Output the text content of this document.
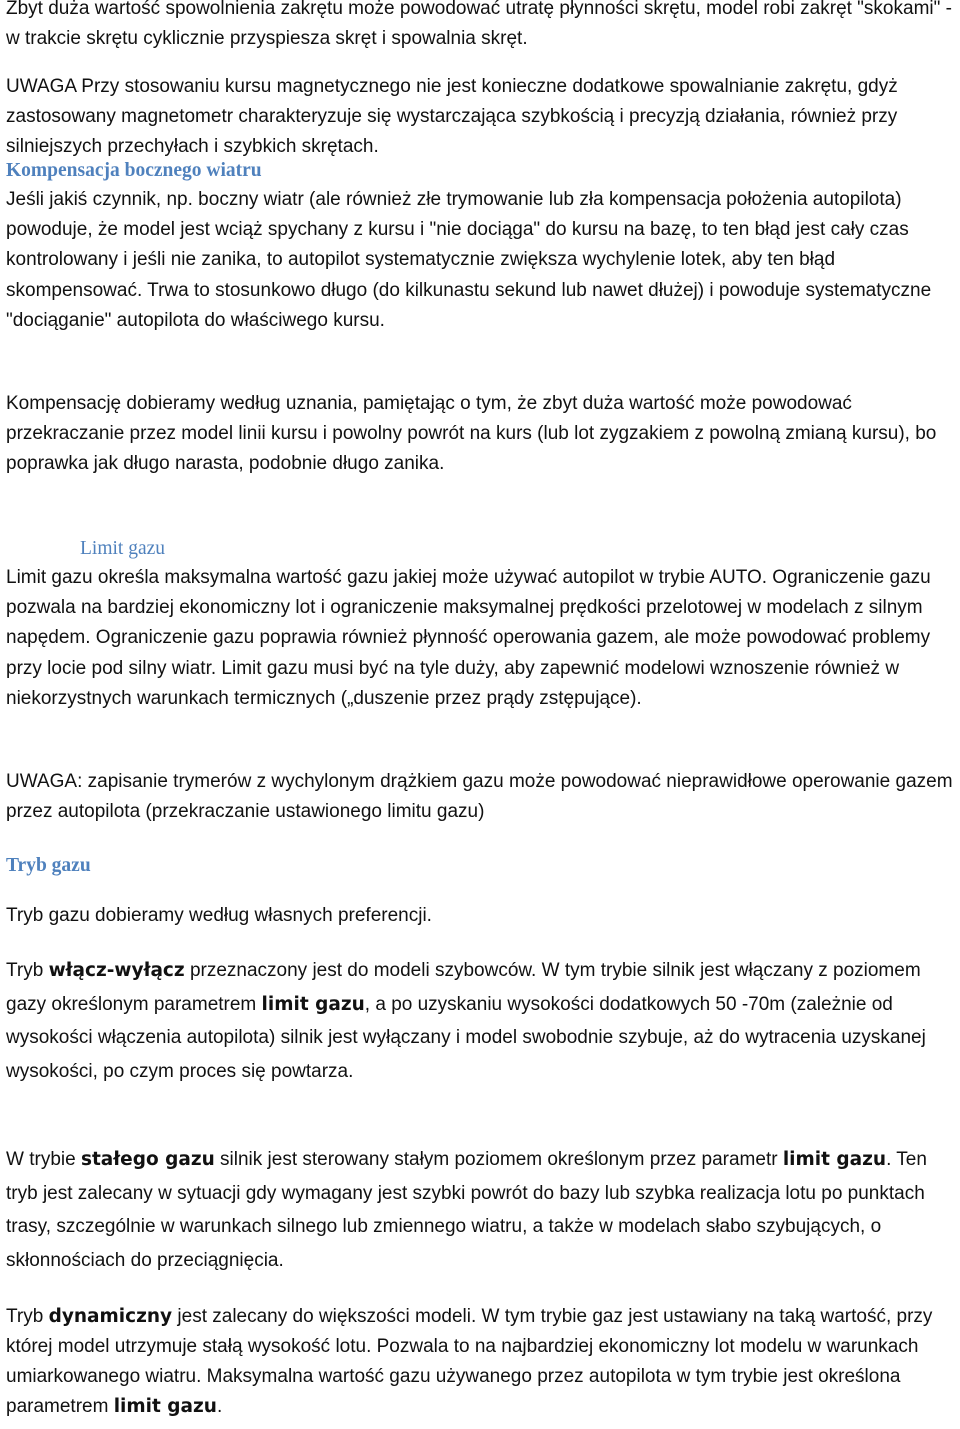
Zbyt duża wartość spowolnienia zakrętu może powodować utratę płynności skrętu, model robi zakręt "skokami" - w trakcie skrętu cyklicznie przyspiesza skręt i spowalnia skręt.

UWAGA Przy stosowaniu kursu magnetycznego nie jest konieczne dodatkowe spowalnianie zakrętu, gdyż zastosowany magnetometr charakteryzuje się wystarczająca szybkością i precyzją działania, również przy silniejszych przechyłach i szybkich skrętach.

Kompensacja bocznego wiatru

Jeśli jakiś czynnik, np. boczny wiatr (ale również złe trymowanie lub zła kompensacja położenia autopilota) powoduje, że model jest wciąż spychany z kursu i "nie dociąga" do kursu na bazę, to ten błąd jest cały czas kontrolowany i jeśli nie zanika, to autopilot systematycznie zwiększa wychylenie lotek, aby ten błąd skompensować. Trwa to stosunkowo długo (do kilkunastu sekund lub nawet dłużej) i powoduje systematyczne "dociąganie" autopilota do właściwego kursu.

Kompensację dobieramy według uznania, pamiętając o tym, że zbyt duża wartość może powodować przekraczanie przez model linii kursu i powolny powrót na kurs (lub lot zygzakiem z powolną zmianą kursu), bo poprawka jak długo narasta, podobnie długo zanika.

Limit gazu

Limit gazu określa maksymalna wartość gazu jakiej może używać autopilot w trybie AUTO. Ograniczenie gazu pozwala na bardziej ekonomiczny lot i ograniczenie maksymalnej prędkości przelotowej w modelach z silnym napędem. Ograniczenie gazu poprawia również płynność operowania gazem, ale może powodować problemy przy locie pod silny wiatr. Limit gazu musi być na tyle duży, aby zapewnić modelowi wznoszenie również w niekorzystnych warunkach termicznych („duszenie przez prądy zstępujące).

UWAGA: zapisanie trymerów z wychylonym drążkiem gazu może powodować nieprawidłowe operowanie gazem przez autopilota (przekraczanie ustawionego limitu gazu)

Tryb gazu

Tryb gazu dobieramy według własnych preferencji.

Tryb włącz-wyłącz przeznaczony jest do modeli szybowców. W tym trybie silnik jest włączany z poziomem gazy określonym parametrem limit gazu, a po uzyskaniu wysokości dodatkowych 50 -70m (zależnie od wysokości włączenia autopilota) silnik jest wyłączany i model swobodnie szybuje, aż do wytracenia uzyskanej wysokości, po czym proces się powtarza.

W trybie stałego gazu silnik jest sterowany stałym poziomem określonym przez parametr limit gazu. Ten tryb jest zalecany w sytuacji gdy wymagany jest szybki powrót do bazy lub szybka realizacja lotu po punktach trasy, szczególnie w warunkach silnego lub zmiennego wiatru, a także w modelach słabo szybujących, o skłonnościach do przeciągnięcia.

Tryb dynamiczny jest zalecany do większości modeli. W tym trybie gaz jest ustawiany na taką wartość, przy której model utrzymuje stałą wysokość lotu. Pozwala to na najbardziej ekonomiczny lot modelu w warunkach umiarkowanego wiatru. Maksymalna wartość gazu używanego przez autopilota w tym trybie jest określona parametrem limit gazu.
